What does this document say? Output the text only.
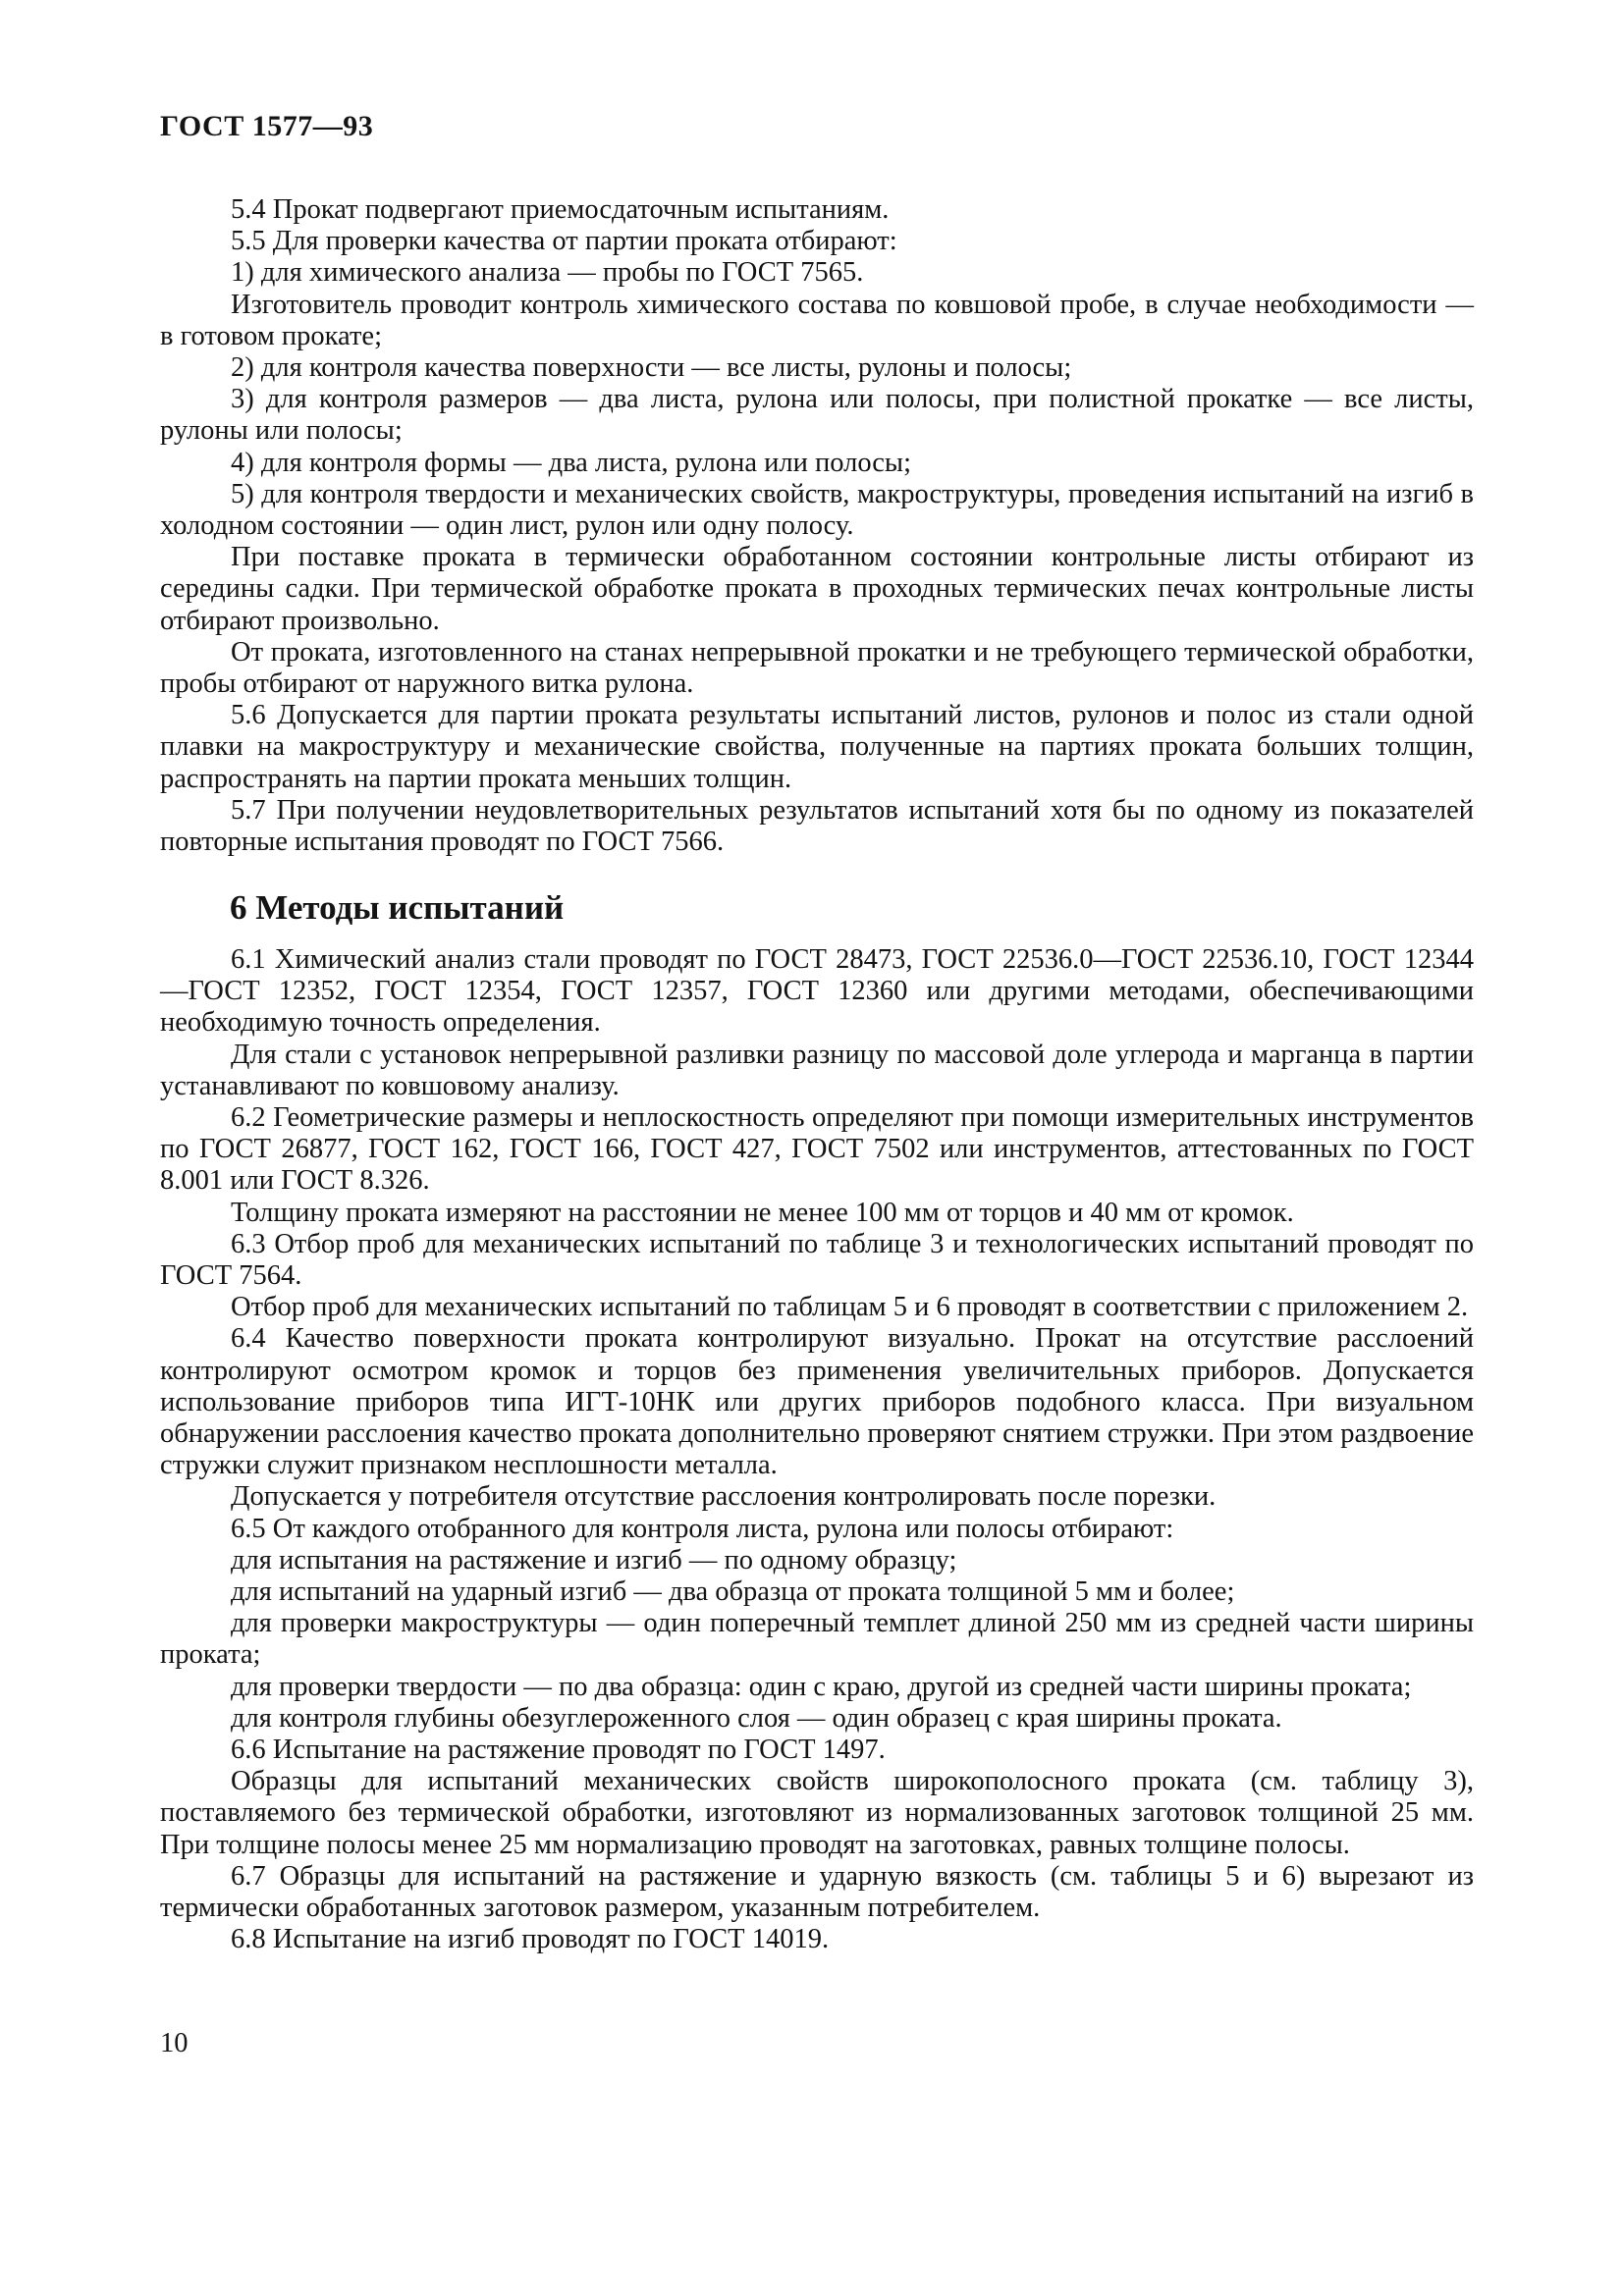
ГОСТ 1577—93

5.4 Прокат подвергают приемосдаточным испытаниям.

5.5 Для проверки качества от партии проката отбирают:

1) для химического анализа — пробы по ГОСТ 7565.

Изготовитель проводит контроль химического состава по ковшовой пробе, в случае необходимости — в готовом прокате;

2) для контроля качества поверхности — все листы, рулоны и полосы;

3) для контроля размеров — два листа, рулона или полосы, при полистной прокатке — все листы, рулоны или полосы;

4) для контроля формы — два листа, рулона или полосы;

5) для контроля твердости и механических свойств, макроструктуры, проведения испытаний на изгиб в холодном состоянии — один лист, рулон или одну полосу.

При поставке проката в термически обработанном состоянии контрольные листы отбирают из середины садки. При термической обработке проката в проходных термических печах контрольные листы отбирают произвольно.

От проката, изготовленного на станах непрерывной прокатки и не требующего термической обработки, пробы отбирают от наружного витка рулона.

5.6 Допускается для партии проката результаты испытаний листов, рулонов и полос из стали одной плавки на макроструктуру и механические свойства, полученные на партиях проката больших толщин, распространять на партии проката меньших толщин.

5.7 При получении неудовлетворительных результатов испытаний хотя бы по одному из показателей повторные испытания проводят по ГОСТ 7566.

6 Методы испытаний

6.1 Химический анализ стали проводят по ГОСТ 28473, ГОСТ 22536.0—ГОСТ 22536.10, ГОСТ 12344—ГОСТ 12352, ГОСТ 12354, ГОСТ 12357, ГОСТ 12360 или другими методами, обеспечивающими необходимую точность определения.

Для стали с установок непрерывной разливки разницу по массовой доле углерода и марганца в партии устанавливают по ковшовому анализу.

6.2 Геометрические размеры и неплоскостность определяют при помощи измерительных инструментов по ГОСТ 26877, ГОСТ 162, ГОСТ 166, ГОСТ 427, ГОСТ 7502 или инструментов, аттестованных по ГОСТ 8.001 или ГОСТ 8.326.

Толщину проката измеряют на расстоянии не менее 100 мм от торцов и 40 мм от кромок.

6.3 Отбор проб для механических испытаний по таблице 3 и технологических испытаний проводят по ГОСТ 7564.

Отбор проб для механических испытаний по таблицам 5 и 6 проводят в соответствии с приложением 2.

6.4 Качество поверхности проката контролируют визуально. Прокат на отсутствие расслоений контролируют осмотром кромок и торцов без применения увеличительных приборов. Допускается использование приборов типа ИГТ-10НК или других приборов подобного класса. При визуальном обнаружении расслоения качество проката дополнительно проверяют снятием стружки. При этом раздвоение стружки служит признаком несплошности металла.

Допускается у потребителя отсутствие расслоения контролировать после порезки.

6.5 От каждого отобранного для контроля листа, рулона или полосы отбирают:

для испытания на растяжение и изгиб — по одному образцу;

для испытаний на ударный изгиб — два образца от проката толщиной 5 мм и более;

для проверки макроструктуры — один поперечный темплет длиной 250 мм из средней части ширины проката;

для проверки твердости — по два образца: один с краю, другой из средней части ширины проката;

для контроля глубины обезуглероженного слоя — один образец с края ширины проката.

6.6 Испытание на растяжение проводят по ГОСТ 1497.

Образцы для испытаний механических свойств широкополосного проката (см. таблицу 3), поставляемого без термической обработки, изготовляют из нормализованных заготовок толщиной 25 мм. При толщине полосы менее 25 мм нормализацию проводят на заготовках, равных толщине полосы.

6.7 Образцы для испытаний на растяжение и ударную вязкость (см. таблицы 5 и 6) вырезают из термически обработанных заготовок размером, указанным потребителем.

6.8 Испытание на изгиб проводят по ГОСТ 14019.

10
